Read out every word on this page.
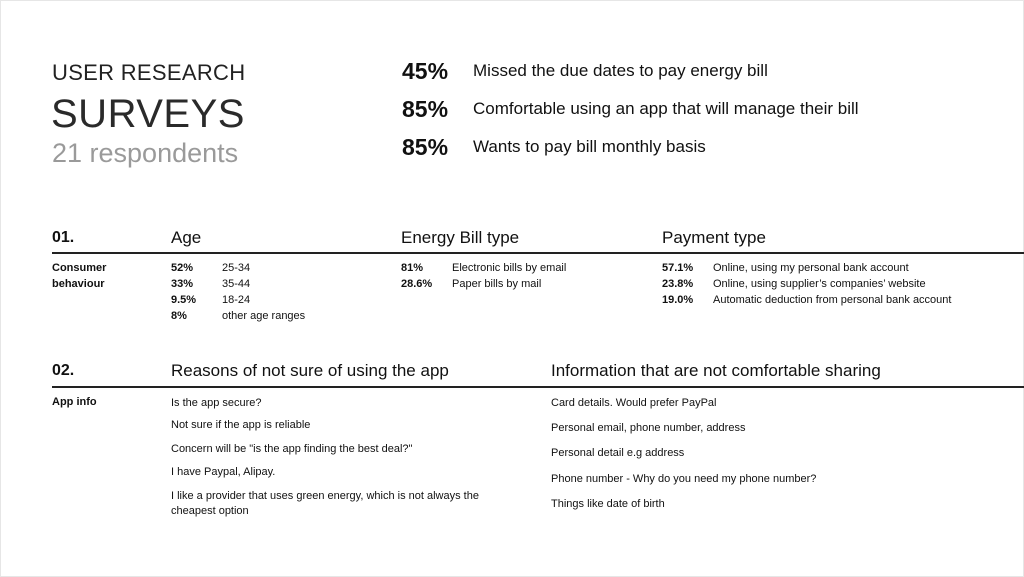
USER RESEARCH
SURVEYS
21 respondents
45% Missed the due dates to pay energy bill
85% Comfortable using an app that will manage their bill
85% Wants to pay bill monthly basis
01.	Age	Energy Bill type	Payment type
Consumer
behaviour
52%	25-34
33%	35-44
9.5% 18-24
8%	other age ranges
81%	Electronic bills by email
28.6% Paper bills by mail
57.1% Online, using my personal bank account
23.8% Online, using supplier’s companies’ website
19.0% Automatic deduction from personal bank account
02.	Reasons of not sure of using the app	Information that are not comfortable sharing
App info	Is the app secure?
Not sure if the app is reliable
Concern will be "is the app finding the best deal?"
I have Paypal, Alipay.
I like a provider that uses green energy, which is not always the cheapest option
Card details. Would prefer PayPal
Personal email, phone number, address
Personal detail e.g address
Phone number - Why do you need my phone number?
Things like date of birth
